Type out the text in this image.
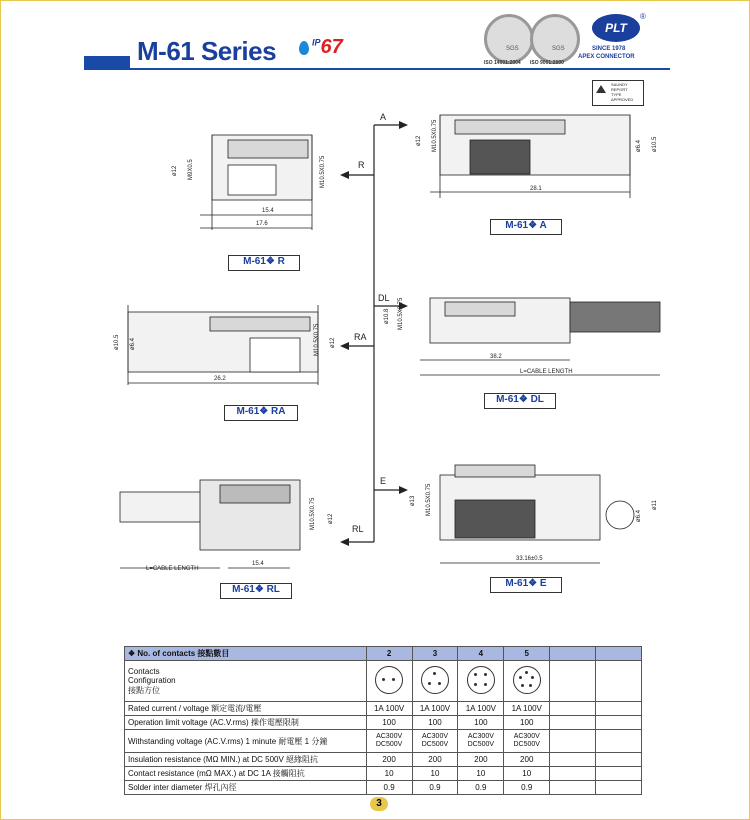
M-61 Series	$^{IP}$67
ISO 14001:2004 ISO 9001:2000
SGS	SGS
PLT
®
SINCE 1978
APEX CONNECTOR
SAUNDY
REPORT
TYPE
APPROVED
A
R
DL
RA
E
RL
ø12 M9X0.5	M10.5X0.75
15.4
17.6
ø12 M10.5X0.75	ø6.4 ø10.5
28.1
ø10.5 ø6.4	M10.5X0.75 ø12
26.2
ø10.8 M10.5X0.75
38.2
L=CABLE LENGTH
M10.5X0.75 ø12
15.4
L=CABLE LENGTH
ø13 M10.5X0.75	ø6.4
ø11
33.16±0.5
M-61❖ R
M-61❖ A
M-61❖ RA
M-61❖ DL
M-61❖ RL
M-61❖ E
❖ No. of contacts 接點數目	2	3	4	5		

Contacts
Configuration
接點方位						

Rated current / voltage 額定電流/電壓	1A 100V	1A 100V	1A 100V	1A 100V		
Operation limit voltage (AC.V.rms) 操作電壓限制	100	100	100	100		
Withstanding voltage (AC.V.rms) 1 minute 耐電壓 1 分鐘	AC300V DC500V	AC300V DC500V	AC300V DC500V	AC300V DC500V		
Insulation resistance (MΩ MIN.) at DC 500V 絕緣阻抗	200	200	200	200		
Contact resistance (mΩ MAX.) at DC 1A 接觸阻抗	10	10	10	10		
Solder inter diameter 焊孔內徑	0.9	0.9	0.9	0.9		
3
